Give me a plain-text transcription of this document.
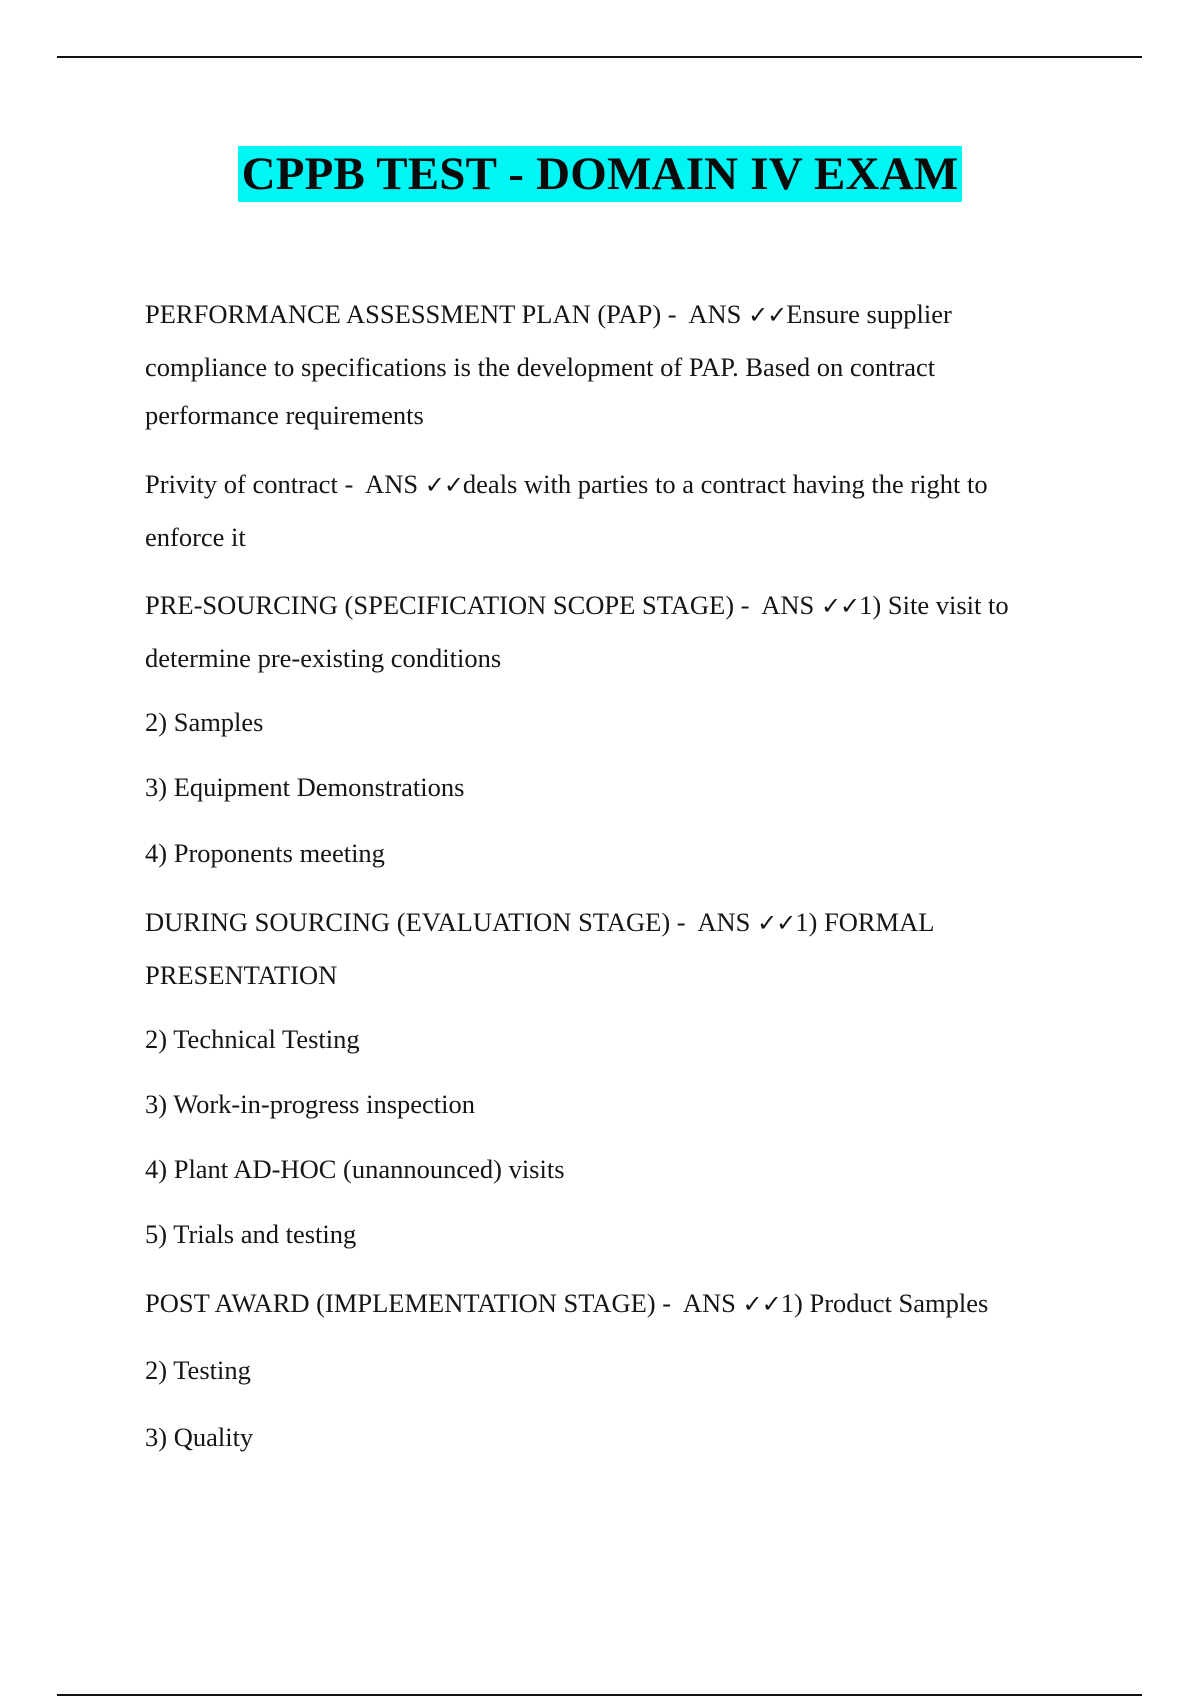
CPPB TEST - DOMAIN IV EXAM
PERFORMANCE ASSESSMENT PLAN (PAP) -  ANS ✓✓Ensure supplier
compliance to specifications is the development of PAP. Based on contract
performance requirements
Privity of contract -  ANS ✓✓deals with parties to a contract having the right to
enforce it
PRE-SOURCING (SPECIFICATION SCOPE STAGE) -  ANS ✓✓1) Site visit to
determine pre-existing conditions
2) Samples
3) Equipment Demonstrations
4) Proponents meeting
DURING SOURCING (EVALUATION STAGE) -  ANS ✓✓1) FORMAL
PRESENTATION
2) Technical Testing
3) Work-in-progress inspection
4) Plant AD-HOC (unannounced) visits
5) Trials and testing
POST AWARD (IMPLEMENTATION STAGE) -  ANS ✓✓1) Product Samples
2) Testing
3) Quality
